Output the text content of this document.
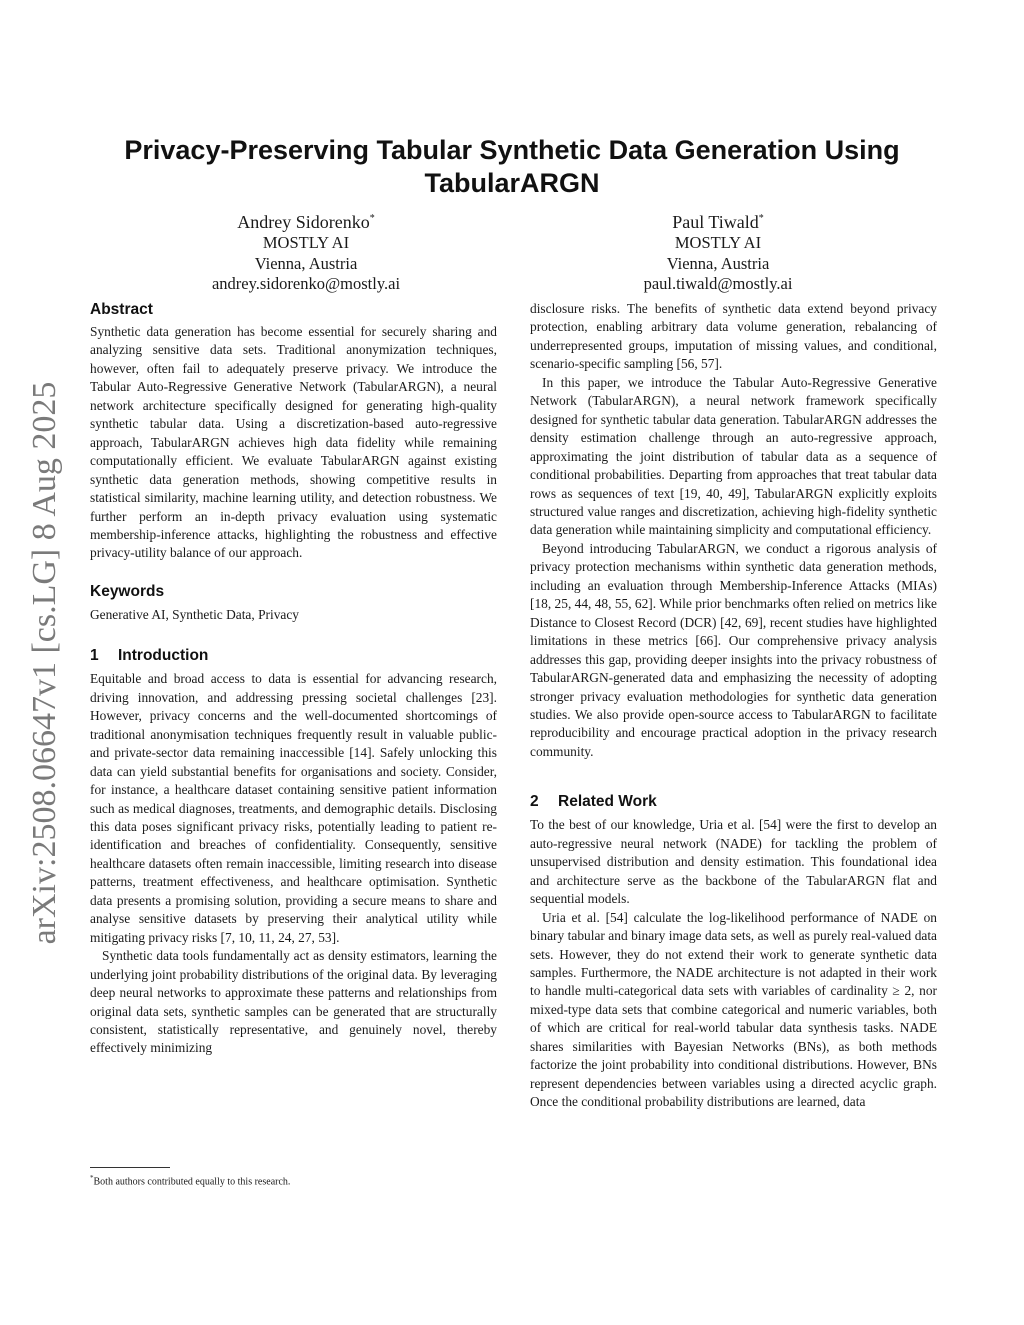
arXiv:2508.06647v1 [cs.LG] 8 Aug 2025
Privacy-Preserving Tabular Synthetic Data Generation Using TabularARGN
Andrey Sidorenko*
MOSTLY AI
Vienna, Austria
andrey.sidorenko@mostly.ai
Paul Tiwald*
MOSTLY AI
Vienna, Austria
paul.tiwald@mostly.ai
Abstract

Synthetic data generation has become essential for securely sharing and analyzing sensitive data sets. Traditional anonymization techniques, however, often fail to adequately preserve privacy. We introduce the Tabular Auto-Regressive Generative Network (TabularARGN), a neural network architecture specifically designed for generating high-quality synthetic tabular data. Using a discretization-based auto-regressive approach, TabularARGN achieves high data fidelity while remaining computationally efficient. We evaluate TabularARGN against existing synthetic data generation methods, showing competitive results in statistical similarity, machine learning utility, and detection robustness. We further perform an in-depth privacy evaluation using systematic membership-inference attacks, highlighting the robustness and effective privacy-utility balance of our approach.

Keywords

Generative AI, Synthetic Data, Privacy

1 Introduction

Equitable and broad access to data is essential for advancing research, driving innovation, and addressing pressing societal challenges [23]. However, privacy concerns and the well-documented shortcomings of traditional anonymisation techniques frequently result in valuable public- and private-sector data remaining inaccessible [14]. Safely unlocking this data can yield substantial benefits for organisations and society. Consider, for instance, a healthcare dataset containing sensitive patient information such as medical diagnoses, treatments, and demographic details. Disclosing this data poses significant privacy risks, potentially leading to patient re-identification and breaches of confidentiality. Consequently, sensitive healthcare datasets often remain inaccessible, limiting research into disease patterns, treatment effectiveness, and healthcare optimisation. Synthetic data presents a promising solution, providing a secure means to share and analyse sensitive datasets by preserving their analytical utility while mitigating privacy risks [7, 10, 11, 24, 27, 53].

Synthetic data tools fundamentally act as density estimators, learning the underlying joint probability distributions of the original data. By leveraging deep neural networks to approximate these patterns and relationships from original data sets, synthetic samples can be generated that are structurally consistent, statistically representative, and genuinely novel, thereby effectively minimizing

disclosure risks. The benefits of synthetic data extend beyond privacy protection, enabling arbitrary data volume generation, rebalancing of underrepresented groups, imputation of missing values, and conditional, scenario-specific sampling [56, 57].

In this paper, we introduce the Tabular Auto-Regressive Generative Network (TabularARGN), a neural network framework specifically designed for synthetic tabular data generation. TabularARGN addresses the density estimation challenge through an auto-regressive approach, approximating the joint distribution of tabular data as a sequence of conditional probabilities. Departing from approaches that treat tabular data rows as sequences of text [19, 40, 49], TabularARGN explicitly exploits structured value ranges and discretization, achieving high-fidelity synthetic data generation while maintaining simplicity and computational efficiency.

Beyond introducing TabularARGN, we conduct a rigorous analysis of privacy protection mechanisms within synthetic data generation methods, including an evaluation through Membership-Inference Attacks (MIAs) [18, 25, 44, 48, 55, 62]. While prior benchmarks often relied on metrics like Distance to Closest Record (DCR) [42, 69], recent studies have highlighted limitations in these metrics [66]. Our comprehensive privacy analysis addresses this gap, providing deeper insights into the privacy robustness of TabularARGN-generated data and emphasizing the necessity of adopting stronger privacy evaluation methodologies for synthetic data generation studies. We also provide open-source access to TabularARGN to facilitate reproducibility and encourage practical adoption in the privacy research community.

2 Related Work

To the best of our knowledge, Uria et al. [54] were the first to develop an auto-regressive neural network (NADE) for tackling the problem of unsupervised distribution and density estimation. This foundational idea and architecture serve as the backbone of the TabularARGN flat and sequential models.

Uria et al. [54] calculate the log-likelihood performance of NADE on binary tabular and binary image data sets, as well as purely real-valued data sets. However, they do not extend their work to generate synthetic data samples. Furthermore, the NADE architecture is not adapted in their work to handle multi-categorical data sets with variables of cardinality ≥ 2, nor mixed-type data sets that combine categorical and numeric variables, both of which are critical for real-world tabular data synthesis tasks. NADE shares similarities with Bayesian Networks (BNs), as both methods factorize the joint probability into conditional distributions. However, BNs represent dependencies between variables using a directed acyclic graph. Once the conditional probability distributions are learned, data

*Both authors contributed equally to this research.
